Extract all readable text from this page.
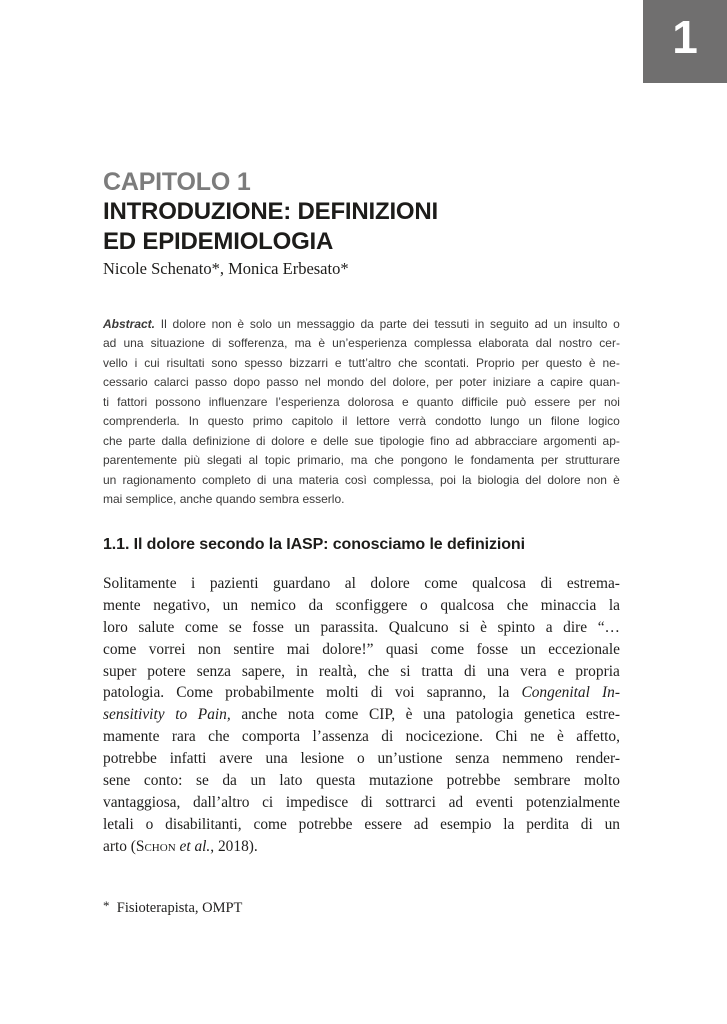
1
CAPITOLO 1
INTRODUZIONE: DEFINIZIONI
ED EPIDEMIOLOGIA
Nicole Schenato*, Monica Erbesato*
Abstract. Il dolore non è solo un messaggio da parte dei tessuti in seguito ad un insulto o
ad una situazione di sofferenza, ma è un’esperienza complessa elaborata dal nostro cer-
vello i cui risultati sono spesso bizzarri e tutt’altro che scontati. Proprio per questo è ne-
cessario calarci passo dopo passo nel mondo del dolore, per poter iniziare a capire quan-
ti fattori possono influenzare l’esperienza dolorosa e quanto difficile può essere per noi
comprenderla. In questo primo capitolo il lettore verrà condotto lungo un filone logico
che parte dalla definizione di dolore e delle sue tipologie fino ad abbracciare argomenti ap-
parentemente più slegati al topic primario, ma che pongono le fondamenta per strutturare
un ragionamento completo di una materia così complessa, poi la biologia del dolore non è
mai semplice, anche quando sembra esserlo.
1.1. Il dolore secondo la IASP: conosciamo le definizioni
Solitamente i pazienti guardano al dolore come qualcosa di estrema-
mente negativo, un nemico da sconfiggere o qualcosa che minaccia la
loro salute come se fosse un parassita. Qualcuno si è spinto a dire “…
come vorrei non sentire mai dolore!” quasi come fosse un eccezionale
super potere senza sapere, in realtà, che si tratta di una vera e propria
patologia. Come probabilmente molti di voi sapranno, la Congenital In-
sensitivity to Pain, anche nota come CIP, è una patologia genetica estre-
mamente rara che comporta l’assenza di nocicezione. Chi ne è affetto,
potrebbe infatti avere una lesione o un’ustione senza nemmeno render-
sene conto: se da un lato questa mutazione potrebbe sembrare molto
vantaggiosa, dall’altro ci impedisce di sottrarci ad eventi potenzialmente
letali o disabilitanti, come potrebbe essere ad esempio la perdita di un
arto (Schon et al., 2018).
*  Fisioterapista, OMPT
